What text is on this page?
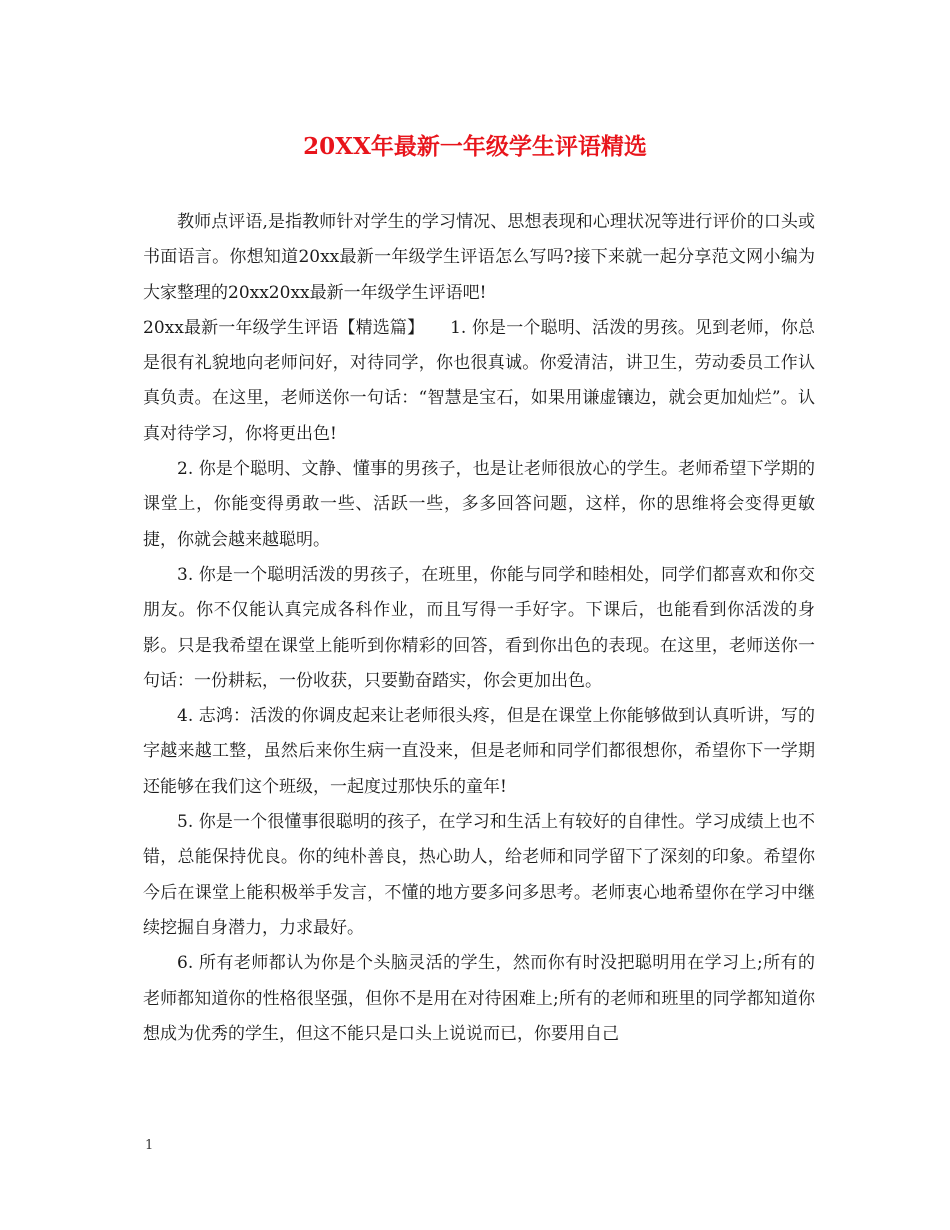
20XX年最新一年级学生评语精选

教师点评语,是指教师针对学生的学习情况、思想表现和心理状况等进行评价的口头或书面语言。你想知道20xx最新一年级学生评语怎么写吗?接下来就一起分享范文网小编为大家整理的20xx20xx最新一年级学生评语吧!

20xx最新一年级学生评语【精选篇】　　1. 你是一个聪明、活泼的男孩。见到老师，你总是很有礼貌地向老师问好，对待同学，你也很真诚。你爱清洁，讲卫生，劳动委员工作认真负责。在这里，老师送你一句话：“智慧是宝石，如果用谦虚镶边，就会更加灿烂”。认真对待学习，你将更出色!

2. 你是个聪明、文静、懂事的男孩子，也是让老师很放心的学生。老师希望下学期的课堂上，你能变得勇敢一些、活跃一些，多多回答问题，这样，你的思维将会变得更敏捷，你就会越来越聪明。

3. 你是一个聪明活泼的男孩子，在班里，你能与同学和睦相处，同学们都喜欢和你交朋友。你不仅能认真完成各科作业，而且写得一手好字。下课后，也能看到你活泼的身影。只是我希望在课堂上能听到你精彩的回答，看到你出色的表现。在这里，老师送你一句话：一份耕耘，一份收获，只要勤奋踏实，你会更加出色。

4. 志鸿：活泼的你调皮起来让老师很头疼，但是在课堂上你能够做到认真听讲，写的字越来越工整，虽然后来你生病一直没来，但是老师和同学们都很想你，希望你下一学期还能够在我们这个班级，一起度过那快乐的童年!

5. 你是一个很懂事很聪明的孩子，在学习和生活上有较好的自律性。学习成绩上也不错，总能保持优良。你的纯朴善良，热心助人，给老师和同学留下了深刻的印象。希望你今后在课堂上能积极举手发言，不懂的地方要多问多思考。老师衷心地希望你在学习中继续挖掘自身潜力，力求最好。

6. 所有老师都认为你是个头脑灵活的学生，然而你有时没把聪明用在学习上;所有的老师都知道你的性格很坚强，但你不是用在对待困难上;所有的老师和班里的同学都知道你想成为优秀的学生，但这不能只是口头上说说而已，你要用自己

1
